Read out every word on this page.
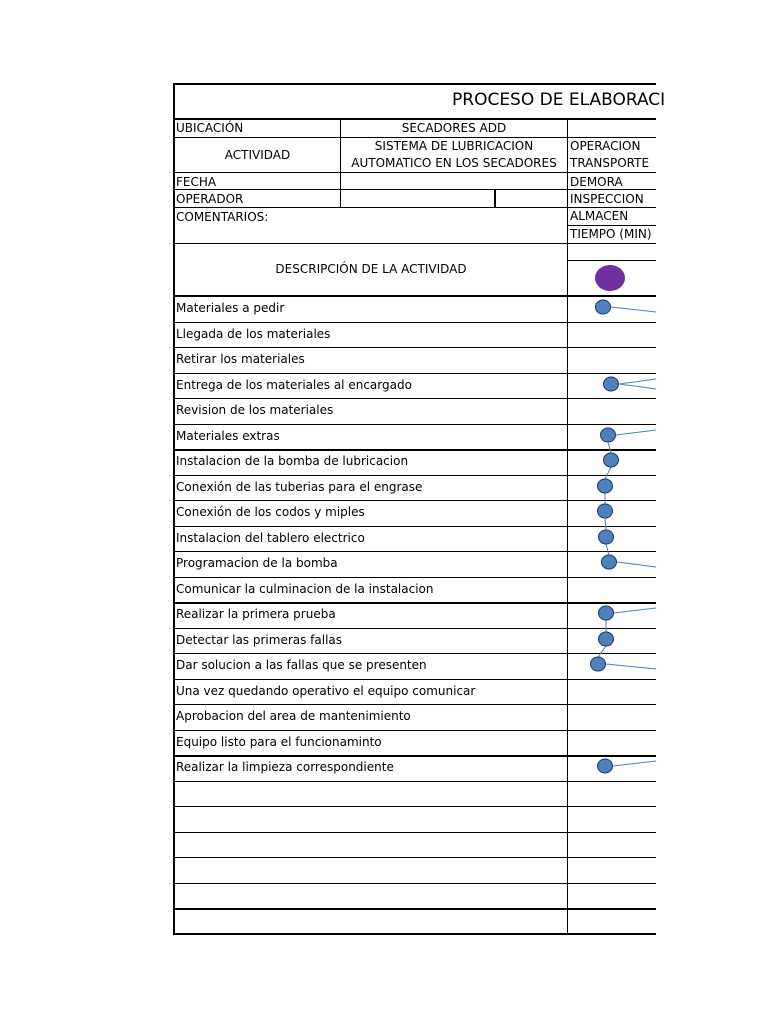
PROCESO DE ELABORACI
UBICACIÓN	SECADORES ADD
ACTIVIDAD
SISTEMA DE LUBRICACION
AUTOMATICO EN LOS SECADORES
FECHA
OPERADOR
COMENTARIOS:
DESCRIPCIÓN DE LA ACTIVIDAD
OPERACION
TRANSPORTE
DEMORA
INSPECCION
ALMACEN
TIEMPO (MIN)
Materiales a pedir
Llegada de los materiales
Retirar los materiales
Entrega de los materiales al encargado
Revision de los materiales
Materiales extras
Instalacion de la bomba de lubricacion
Conexión de las tuberias para el engrase
Conexión de los codos y miples
Instalacion del tablero electrico
Programacion de la bomba
Comunicar la culminacion de la instalacion
Realizar la primera prueba
Detectar las primeras fallas
Dar solucion a las fallas que se presenten
Una vez quedando operativo el equipo comunicar
Aprobacion del area de mantenimiento
Equipo listo para el funcionaminto
Realizar la limpieza correspondiente
